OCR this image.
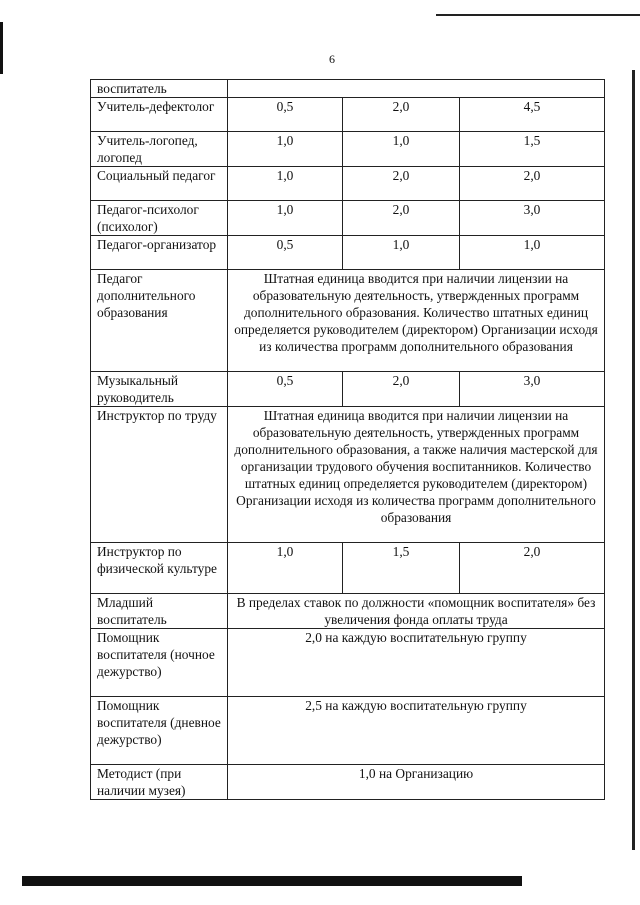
6
воспитатель			
Учитель-дефектолог	0,5	2,0	4,5
Учитель-логопед, логопед	1,0	1,0	1,5
Социальный педагог	1,0	2,0	2,0
Педагог-психолог (психолог)	1,0	2,0	3,0
Педагог-организатор	0,5	1,0	1,0
Педагог дополнительного образования	Штатная единица вводится при наличии лицензии на образовательную деятельность, утвержденных программ дополнительного образования. Количество штатных единиц определяется руководителем (директором) Организации исходя из количества программ дополнительного образования		
Музыкальный руководитель	0,5	2,0	3,0
Инструктор по труду	Штатная единица вводится при наличии лицензии на образовательную деятельность, утвержденных программ дополнительного образования, а также наличия мастерской для организации трудового обучения воспитанников. Количество штатных единиц определяется руководителем (директором) Организации исходя из количества программ дополнительного образования		
Инструктор по физической культуре	1,0	1,5	2,0
Младший воспитатель	В пределах ставок по должности «помощник воспитателя» без увеличения фонда оплаты труда		
Помощник воспитателя (ночное дежурство)	2,0 на каждую воспитательную группу		
Помощник воспитателя (дневное дежурство)	2,5 на каждую воспитательную группу		
Методист (при наличии музея)	1,0 на Организацию		
